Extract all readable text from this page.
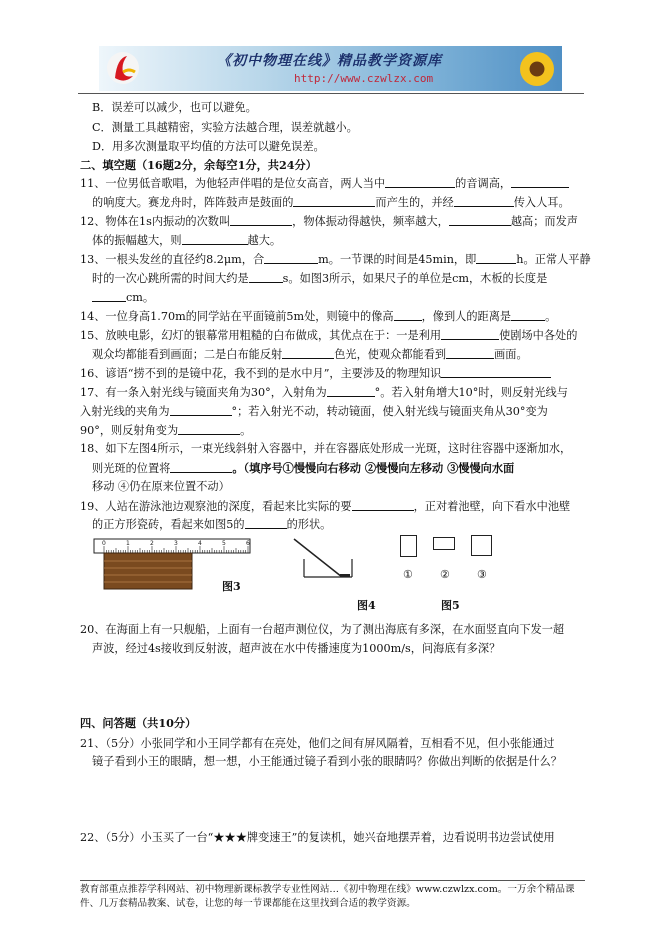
《初中物理在线》精品教学资源库
http://www.czwlzx.com
B．误差可以减少，也可以避免。
C．测量工具越精密，实验方法越合理，误差就越小。
D．用多次测量取平均值的方法可以避免误差。
二、填空题（16题2分，余每空1分，共24分）
11、一位男低音歌唱，为他轻声伴唱的是位女高音，两人当中	的音调高，
的响度大。赛龙舟时，阵阵鼓声是鼓面的	而产生的，并经	传入人耳。
12、物体在1s内振动的次数叫	，物体振动得越快，频率越大，	越高；而发声
体的振幅越大，则	越大。
13、一根头发丝的直径约8.2μm，合	m。一节课的时间是45min，即	h。正常人平静
时的一次心跳所需的时间大约是	s。如图3所示，如果尺子的单位是cm，木板的长度是
cm。
14、一位身高1.70m的同学站在平面镜前5m处，则镜中的像高	，像到人的距离是	。
15、放映电影，幻灯的银幕常用粗糙的白布做成，其优点在于：一是利用	使剧场中各处的
观众均都能看到画面；二是白布能反射	色光，使观众都能看到	画面。
16、谚语“捞不到的是镜中花，我不到的是水中月”，主要涉及的物理知识
17、有一条入射光线与镜面夹角为30°，入射角为	°。若入射角增大10°时，则反射光线与
入射光线的夹角为	°；若入射光不动，转动镜面，使入射光线与镜面夹角从30°变为
90°，则反射角变为	。
18、如下左图4所示，一束光线斜射入容器中，并在容器底处形成一光斑，这时往容器中逐渐加水，
则光斑的位置将	。（填序号①慢慢向右移动 ②慢慢向左移动 ③慢慢向水面
移动 ④仍在原来位置不动）
19、人站在游泳池边观察池的深度，看起来比实际的要	，正对着池壁，向下看水中池壁
的正方形瓷砖，看起来如图5的	的形状。
0	1	2	3	4	5	6
图3
图4
① ② ③
图5
20、在海面上有一只舰船，上面有一台超声测位仪，为了测出海底有多深，在水面竖直向下发一超
声波，经过4s接收到反射波，超声波在水中传播速度为1000m/s，问海底有多深？
四、问答题（共10分）
21、（5分）小张同学和小王同学都有在亮处，他们之间有屏风隔着，互相看不见，但小张能通过
镜子看到小王的眼睛，想一想，小王能通过镜子看到小张的眼睛吗？你做出判断的依据是什么？
22、（5分）小玉买了一台“★★★牌变速王”的复读机，她兴奋地摆弄着，边看说明书边尝试使用
教育部重点推荐学科网站、初中物理新课标教学专业性网站…《初中物理在线》www.czwlzx.com。一万余个精品课
件、几万套精品教案、试卷，让您的每一节课都能在这里找到合适的教学资源。
